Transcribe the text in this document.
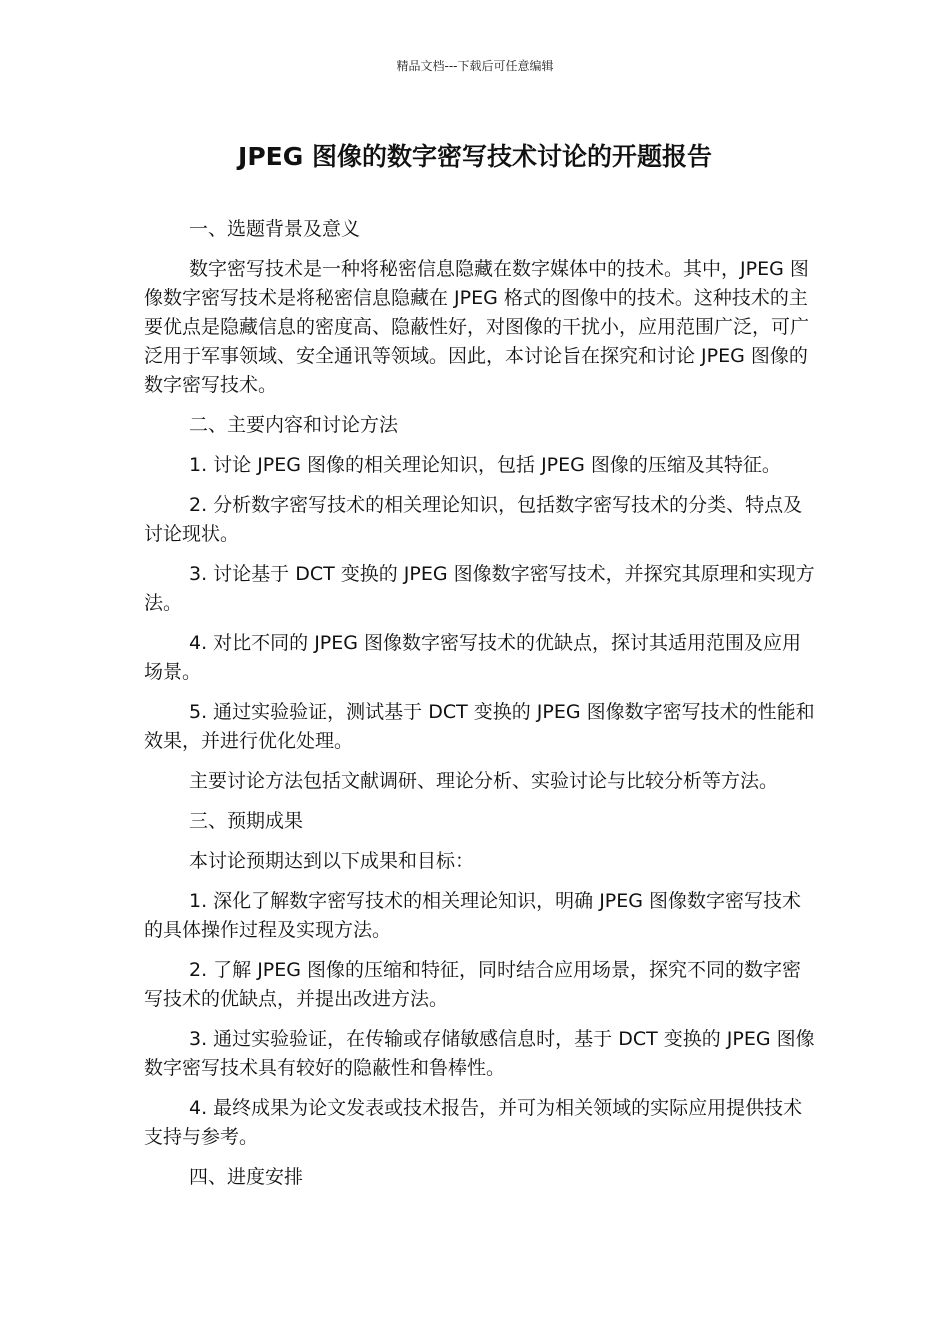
精品文档---下载后可任意编辑

JPEG 图像的数字密写技术讨论的开题报告

一、选题背景及意义

数字密写技术是一种将秘密信息隐藏在数字媒体中的技术。其中，JPEG 图像数字密写技术是将秘密信息隐藏在 JPEG 格式的图像中的技术。这种技术的主要优点是隐藏信息的密度高、隐蔽性好，对图像的干扰小，应用范围广泛，可广泛用于军事领域、安全通讯等领域。因此，本讨论旨在探究和讨论 JPEG 图像的数字密写技术。

二、主要内容和讨论方法

1. 讨论 JPEG 图像的相关理论知识，包括 JPEG 图像的压缩及其特征。

2. 分析数字密写技术的相关理论知识，包括数字密写技术的分类、特点及讨论现状。

3. 讨论基于 DCT 变换的 JPEG 图像数字密写技术，并探究其原理和实现方法。

4. 对比不同的 JPEG 图像数字密写技术的优缺点，探讨其适用范围及应用场景。

5. 通过实验验证，测试基于 DCT 变换的 JPEG 图像数字密写技术的性能和效果，并进行优化处理。

主要讨论方法包括文献调研、理论分析、实验讨论与比较分析等方法。

三、预期成果

本讨论预期达到以下成果和目标：

1. 深化了解数字密写技术的相关理论知识，明确 JPEG 图像数字密写技术的具体操作过程及实现方法。

2. 了解 JPEG 图像的压缩和特征，同时结合应用场景，探究不同的数字密写技术的优缺点，并提出改进方法。

3. 通过实验验证，在传输或存储敏感信息时，基于 DCT 变换的 JPEG 图像数字密写技术具有较好的隐蔽性和鲁棒性。

4. 最终成果为论文发表或技术报告，并可为相关领域的实际应用提供技术支持与参考。

四、进度安排
